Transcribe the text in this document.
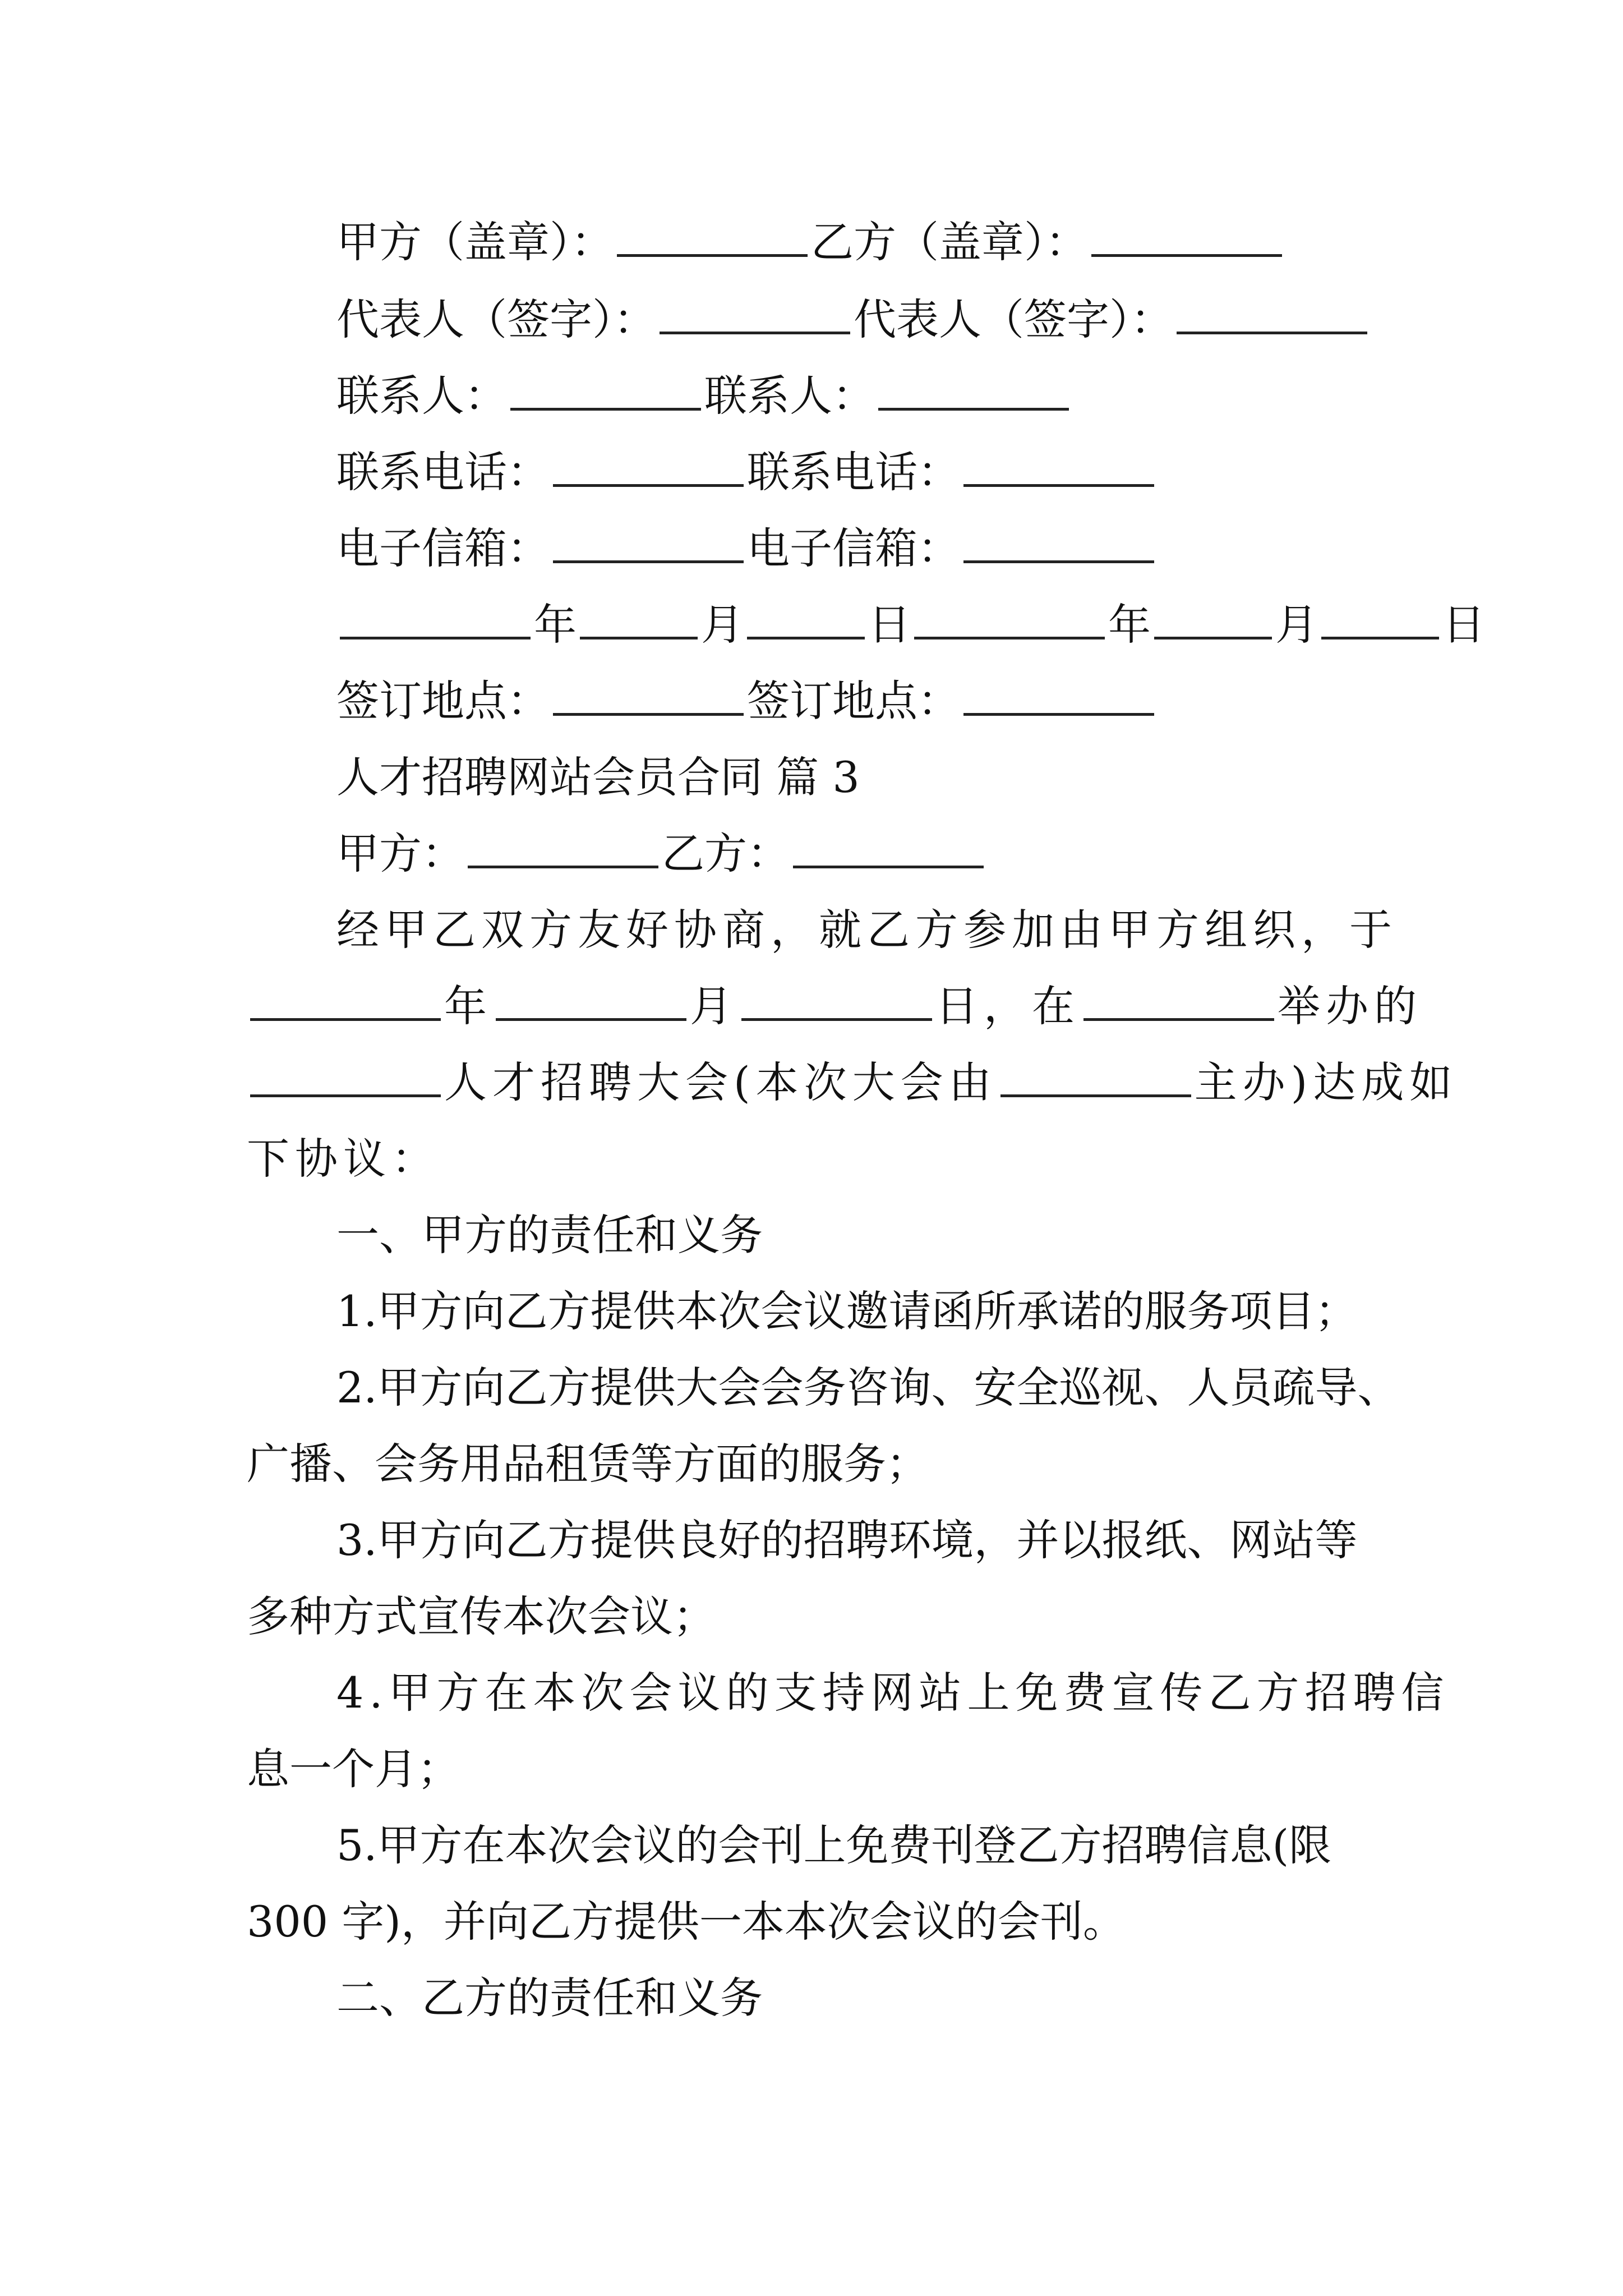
甲方（盖章）：	乙方（盖章）：
代表人（签字）：	代表人（签字）：
联系人：	联系人：
联系电话：	联系电话：
电子信箱：	电子信箱：
年	月	日	年	月	日
签订地点：	签订地点：
人才招聘网站会员合同 篇 3
甲方：	乙方：
经甲乙双方友好协商，就乙方参加由甲方组织，于
年	月	日，在	举办的
人才招聘大会(本次大会由	主办)达成如
下协议：
一、甲方的责任和义务
1.甲方向乙方提供本次会议邀请函所承诺的服务项目；
2.甲方向乙方提供大会会务咨询、安全巡视、人员疏导、
广播、会务用品租赁等方面的服务；
3.甲方向乙方提供良好的招聘环境，并以报纸、网站等
多种方式宣传本次会议；
4.甲方在本次会议的支持网站上免费宣传乙方招聘信
息一个月；
5.甲方在本次会议的会刊上免费刊登乙方招聘信息(限
300 字)，并向乙方提供一本本次会议的会刊。
二、乙方的责任和义务
